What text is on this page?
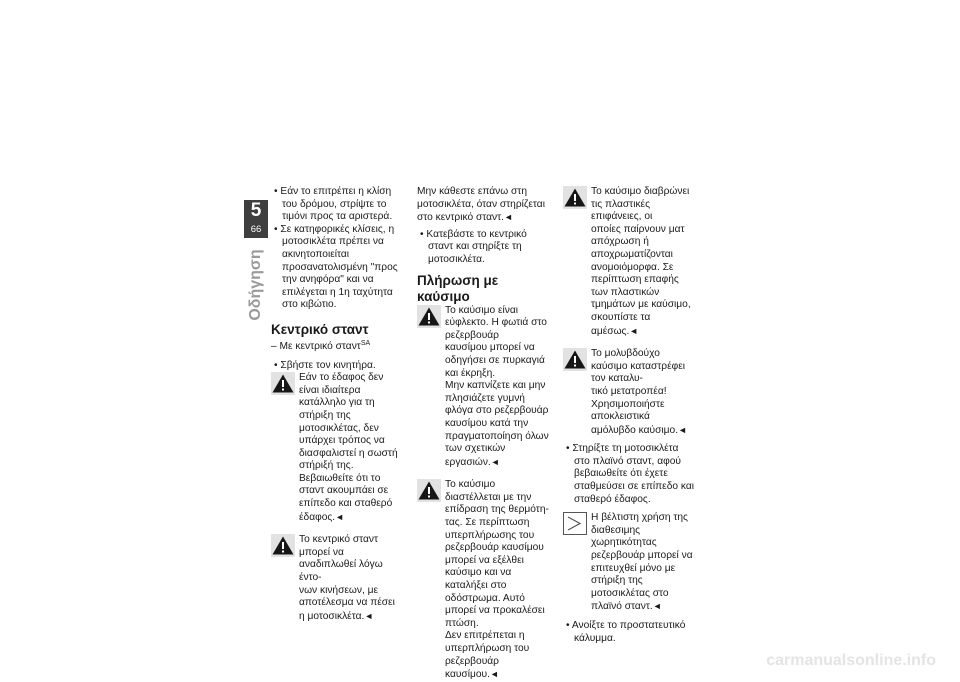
5
66
Οδήγηση

• Εάν το επιτρέπει η κλίση του δρόμου, στρίψτε το τιμόνι προς τα αριστερά.

• Σε κατηφορικές κλίσεις, η μοτοσικλέτα πρέπει να ακινητοποιείται προσανατολισμένη "προς την ανηφόρα" και να επιλέγεται η 1η ταχύτητα στο κιβώτιο.

Κεντρικό σταντ

– Με κεντρικό σταντ$^{SA}$

• Σβήστε τον κινητήρα.

Εάν το έδαφος δεν είναι ιδιαίτερα κατάλληλο για τη

στήριξη της μοτοσικλέτας, δεν υπάρχει τρόπος να διασφαλιστεί η σωστή στήριξή της. Βεβαιωθείτε ότι το σταντ ακουμπάει σε επίπεδο και σταθερό έδαφος.◄

Το κεντρικό σταντ μπορεί να αναδιπλωθεί λόγω έντο-

νων κινήσεων, με αποτέλεσμα να πέσει η μοτοσικλέτα.◄

Μην κάθεστε επάνω στη μοτοσικλέτα, όταν στηρίζεται στο κεντρικό σταντ.◄

• Κατεβάστε το κεντρικό σταντ και στηρίξτε τη μοτοσικλέτα.

Πλήρωση με καύσιμο

Το καύσιμο είναι εύφλεκτο. Η φωτιά στο ρεζερβουάρ

καυσίμου μπορεί να οδηγήσει σε πυρκαγιά και έκρηξη.

Μην καπνίζετε και μην πλησιάζετε γυμνή φλόγα στο ρεζερβουάρ καυσίμου κατά την πραγματοποίηση όλων των σχετικών εργασιών.◄

Το καύσιμο διαστέλλεται με την επίδραση της θερμότη-

τας. Σε περίπτωση υπερπλήρωσης του ρεζερβουάρ καυσίμου μπορεί να εξέλθει καύσιμο και να καταλήξει στο οδόστρωμα. Αυτό μπορεί να προκαλέσει πτώση.

Δεν επιτρέπεται η υπερπλήρωση του ρεζερβουάρ καυσίμου.◄

Το καύσιμο διαβρώνει τις πλαστικές επιφάνειες, οι

οποίες παίρνουν ματ απόχρωση ή αποχρωματίζονται ανομοιόμορφα. Σε περίπτωση επαφής των πλαστικών τμημάτων με καύσιμο, σκουπίστε τα αμέσως.◄

Το μολυβδούχο καύσιμο καταστρέφει τον καταλυ-

τικό μετατροπέα!

Χρησιμοποιήστε αποκλειστικά αμόλυβδο καύσιμο.◄

• Στηρίξτε τη μοτοσικλέτα στο πλαϊνό σταντ, αφού βεβαιωθείτε ότι έχετε σταθμεύσει σε επίπεδο και σταθερό έδαφος.

Η βέλτιστη χρήση της διαθεσιμης χωρητικότητας

ρεζερβουάρ μπορεί να επιτευχθεί μόνο με στήριξη της μοτοσικλέτας στο πλαϊνό σταντ.◄

• Ανοίξτε το προστατευτικό κάλυμμα.

carmanualsonline.info
